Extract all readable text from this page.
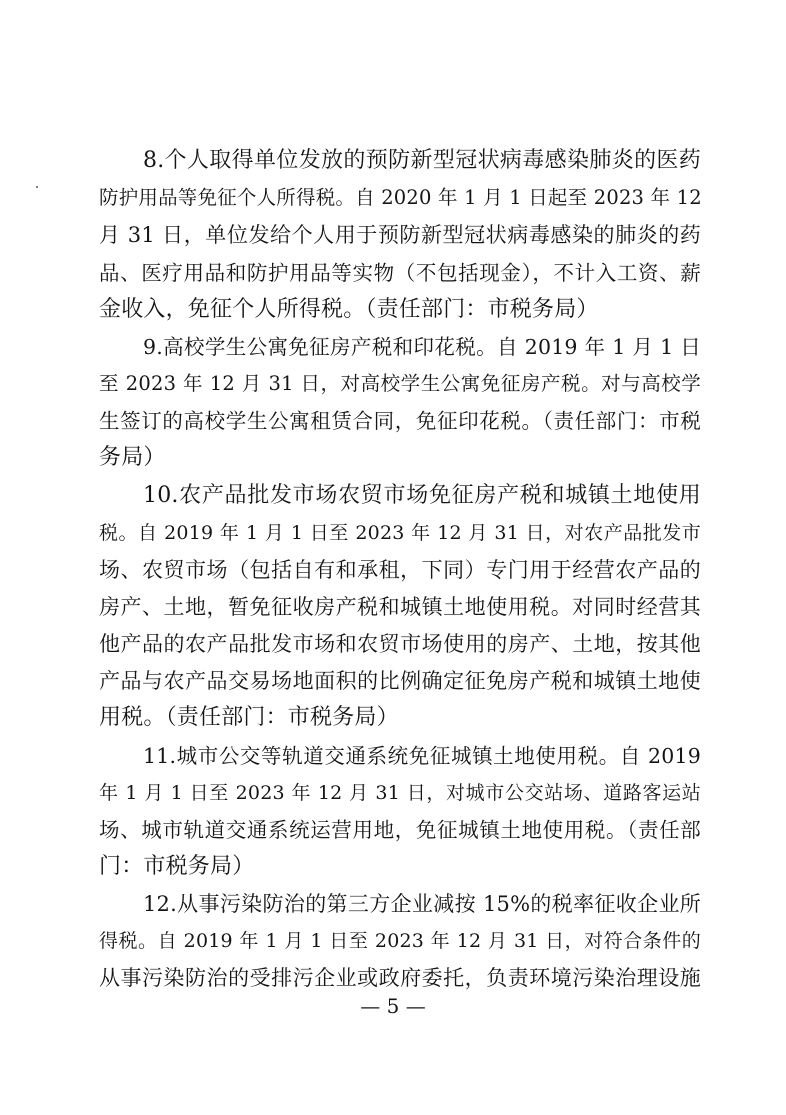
8.个人取得单位发放的预防新型冠状病毒感染肺炎的医药
防护用品等免征个人所得税。自 2020 年 1 月 1 日起至 2023 年 12
月 31 日，单位发给个人用于预防新型冠状病毒感染的肺炎的药
品、医疗用品和防护用品等实物（不包括现金），不计入工资、薪
金收入，免征个人所得税。（责任部门：市税务局）
9.高校学生公寓免征房产税和印花税。自 2019 年 1 月 1 日
至 2023 年 12 月 31 日，对高校学生公寓免征房产税。对与高校学
生签订的高校学生公寓租赁合同，免征印花税。（责任部门：市税
务局）
10.农产品批发市场农贸市场免征房产税和城镇土地使用
税。自 2019 年 1 月 1 日至 2023 年 12 月 31 日，对农产品批发市
场、农贸市场（包括自有和承租，下同）专门用于经营农产品的
房产、土地，暂免征收房产税和城镇土地使用税。对同时经营其
他产品的农产品批发市场和农贸市场使用的房产、土地，按其他
产品与农产品交易场地面积的比例确定征免房产税和城镇土地使
用税。（责任部门：市税务局）
11.城市公交等轨道交通系统免征城镇土地使用税。自 2019
年 1 月 1 日至 2023 年 12 月 31 日，对城市公交站场、道路客运站
场、城市轨道交通系统运营用地，免征城镇土地使用税。（责任部
门：市税务局）
12.从事污染防治的第三方企业减按 15%的税率征收企业所
得税。自 2019 年 1 月 1 日至 2023 年 12 月 31 日，对符合条件的
从事污染防治的受排污企业或政府委托，负责环境污染治理设施
— 5 —
